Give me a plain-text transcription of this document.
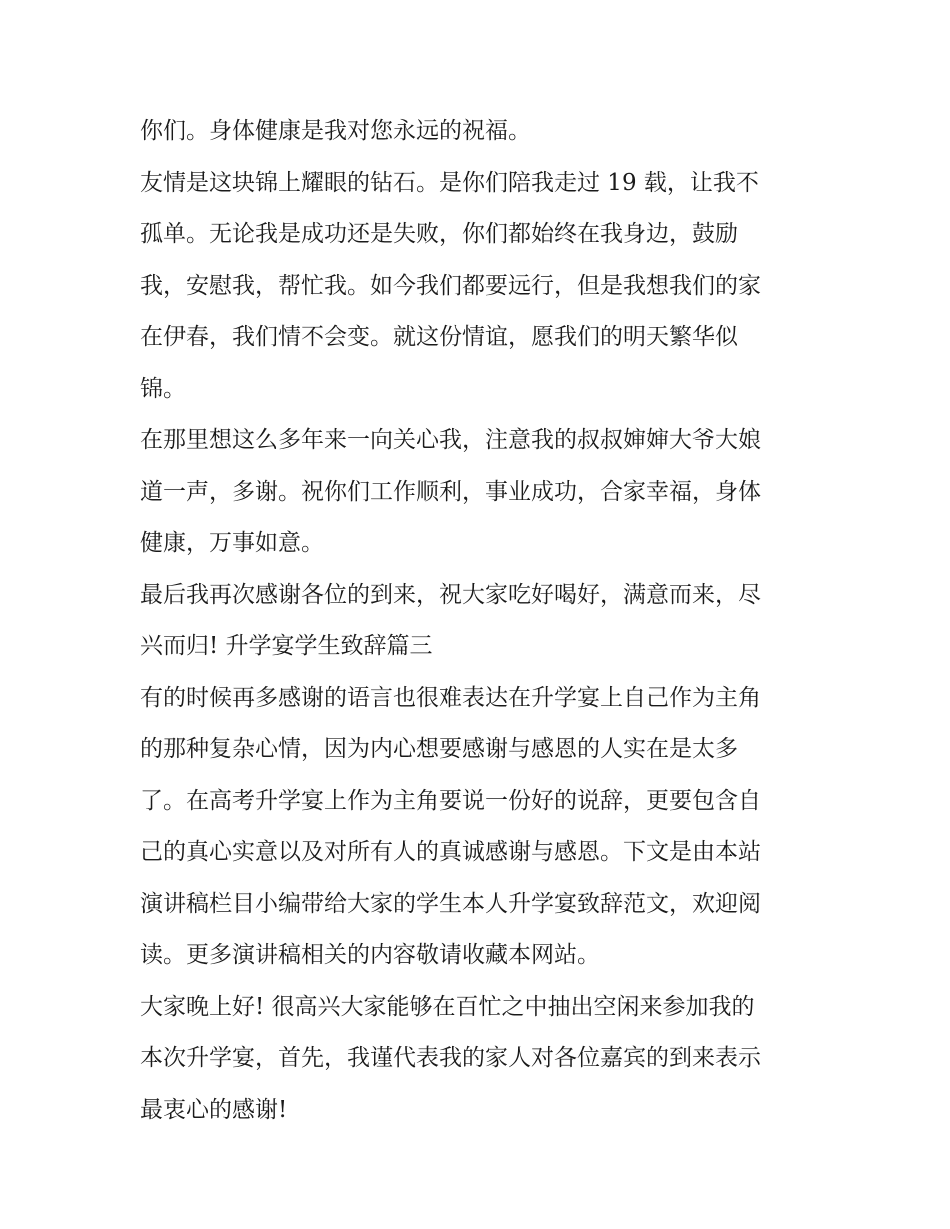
你们。身体健康是我对您永远的祝福。
友情是这块锦上耀眼的钻石。是你们陪我走过 19 载，让我不
孤单。无论我是成功还是失败，你们都始终在我身边，鼓励
我，安慰我，帮忙我。如今我们都要远行，但是我想我们的家
在伊春，我们情不会变。就这份情谊，愿我们的明天繁华似
锦。
在那里想这么多年来一向关心我，注意我的叔叔婶婶大爷大娘
道一声，多谢。祝你们工作顺利，事业成功，合家幸福，身体
健康，万事如意。
最后我再次感谢各位的到来，祝大家吃好喝好，满意而来，尽
兴而归! 升学宴学生致辞篇三
有的时候再多感谢的语言也很难表达在升学宴上自己作为主角
的那种复杂心情，因为内心想要感谢与感恩的人实在是太多
了。在高考升学宴上作为主角要说一份好的说辞，更要包含自
己的真心实意以及对所有人的真诚感谢与感恩。下文是由本站
演讲稿栏目小编带给大家的学生本人升学宴致辞范文，欢迎阅
读。更多演讲稿相关的内容敬请收藏本网站。
大家晚上好! 很高兴大家能够在百忙之中抽出空闲来参加我的
本次升学宴，首先，我谨代表我的家人对各位嘉宾的到来表示
最衷心的感谢!
